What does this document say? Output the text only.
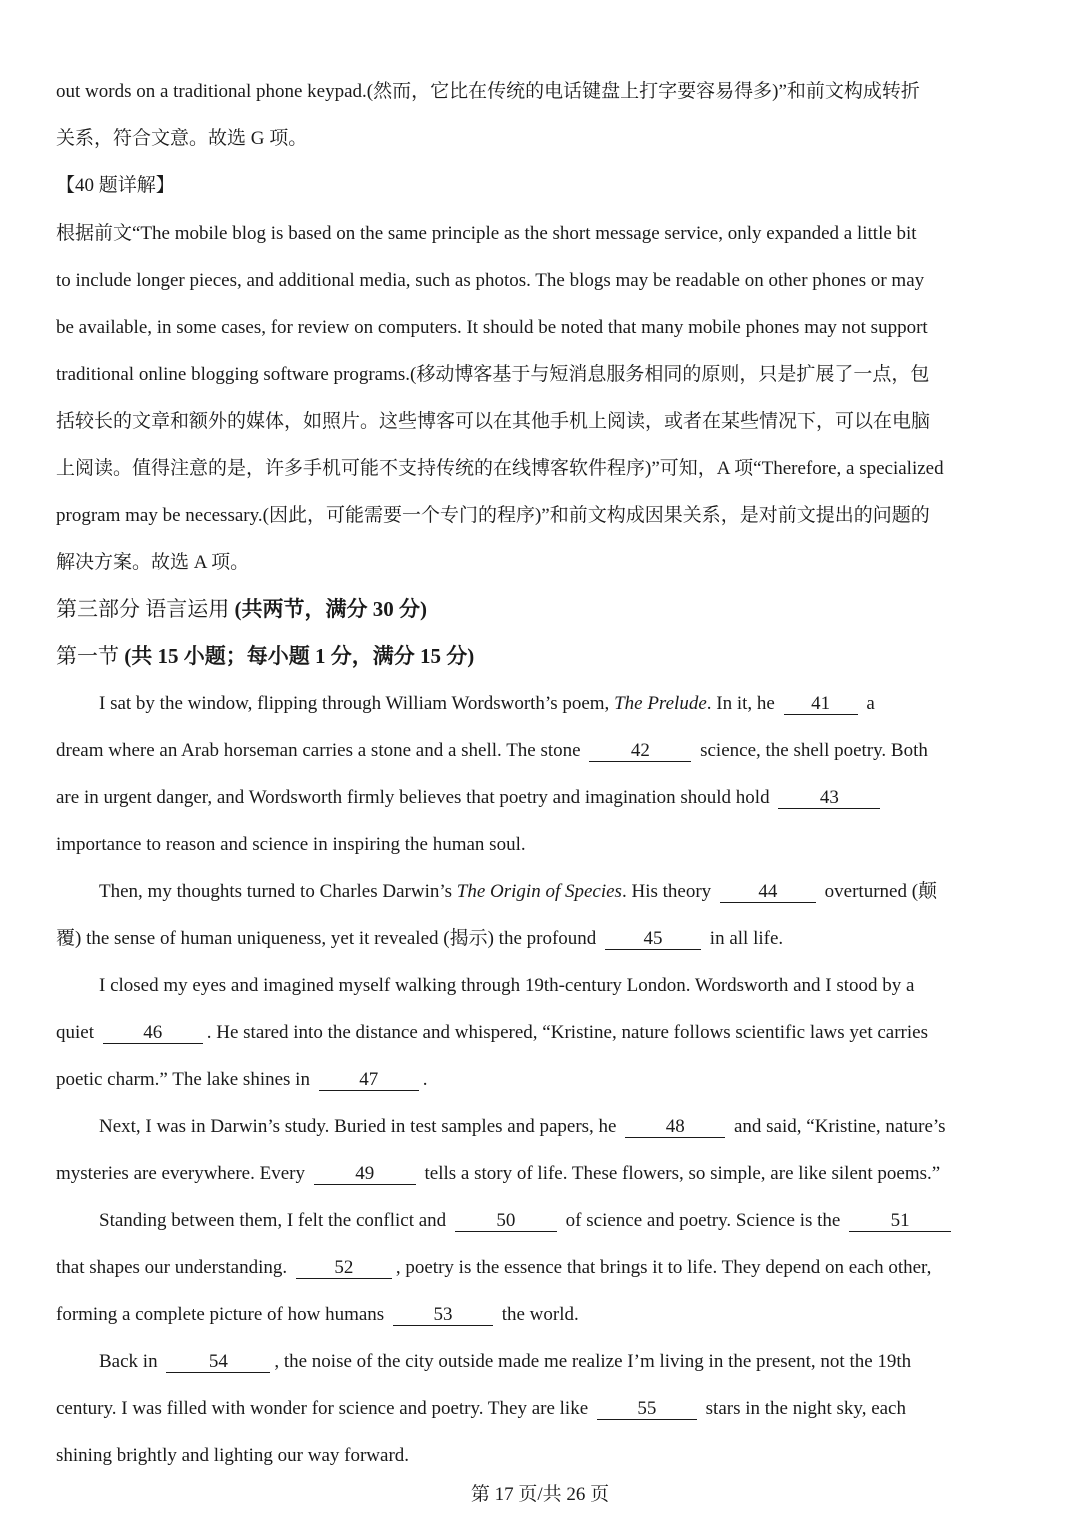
out words on a traditional phone keypad.(然而，它比在传统的电话键盘上打字要容易得多)”和前文构成转折
关系，符合文意。故选 G 项。
【40 题详解】
根据前文“The mobile blog is based on the same principle as the short message service, only expanded a little bit
to include longer pieces, and additional media, such as photos. The blogs may be readable on other phones or may
be available, in some cases, for review on computers. It should be noted that many mobile phones may not support
traditional online blogging software programs.(移动博客基于与短消息服务相同的原则，只是扩展了一点，包
括较长的文章和额外的媒体，如照片。这些博客可以在其他手机上阅读，或者在某些情况下，可以在电脑
上阅读。值得注意的是，许多手机可能不支持传统的在线博客软件程序)”可知，A 项“Therefore, a specialized
program may be necessary.(因此，可能需要一个专门的程序)”和前文构成因果关系，是对前文提出的问题的
解决方案。故选 A 项。
第三部分 语言运用 (共两节，满分 30 分)
第一节 (共 15 小题；每小题 1 分，满分 15 分)
I sat by the window, flipping through William Wordsworth’s poem, The Prelude. In it, he 41 a
dream where an Arab horseman carries a stone and a shell. The stone 42 science, the shell poetry. Both
are in urgent danger, and Wordsworth firmly believes that poetry and imagination should hold 43
importance to reason and science in inspiring the human soul.
Then, my thoughts turned to Charles Darwin’s The Origin of Species. His theory 44 overturned (颠
覆) the sense of human uniqueness, yet it revealed (揭示) the profound 45 in all life.
I closed my eyes and imagined myself walking through 19th-century London. Wordsworth and I stood by a
quiet 46 . He stared into the distance and whispered, “Kristine, nature follows scientific laws yet carries
poetic charm.” The lake shines in 47 .
Next, I was in Darwin’s study. Buried in test samples and papers, he 48 and said, “Kristine, nature’s
mysteries are everywhere. Every 49 tells a story of life. These flowers, so simple, are like silent poems.”
Standing between them, I felt the conflict and 50 of science and poetry. Science is the 51
that shapes our understanding. 52 , poetry is the essence that brings it to life. They depend on each other,
forming a complete picture of how humans 53 the world.
Back in 54 , the noise of the city outside made me realize I’m living in the present, not the 19th
century. I was filled with wonder for science and poetry. They are like 55 stars in the night sky, each
shining brightly and lighting our way forward.
第 17 页/共 26 页
